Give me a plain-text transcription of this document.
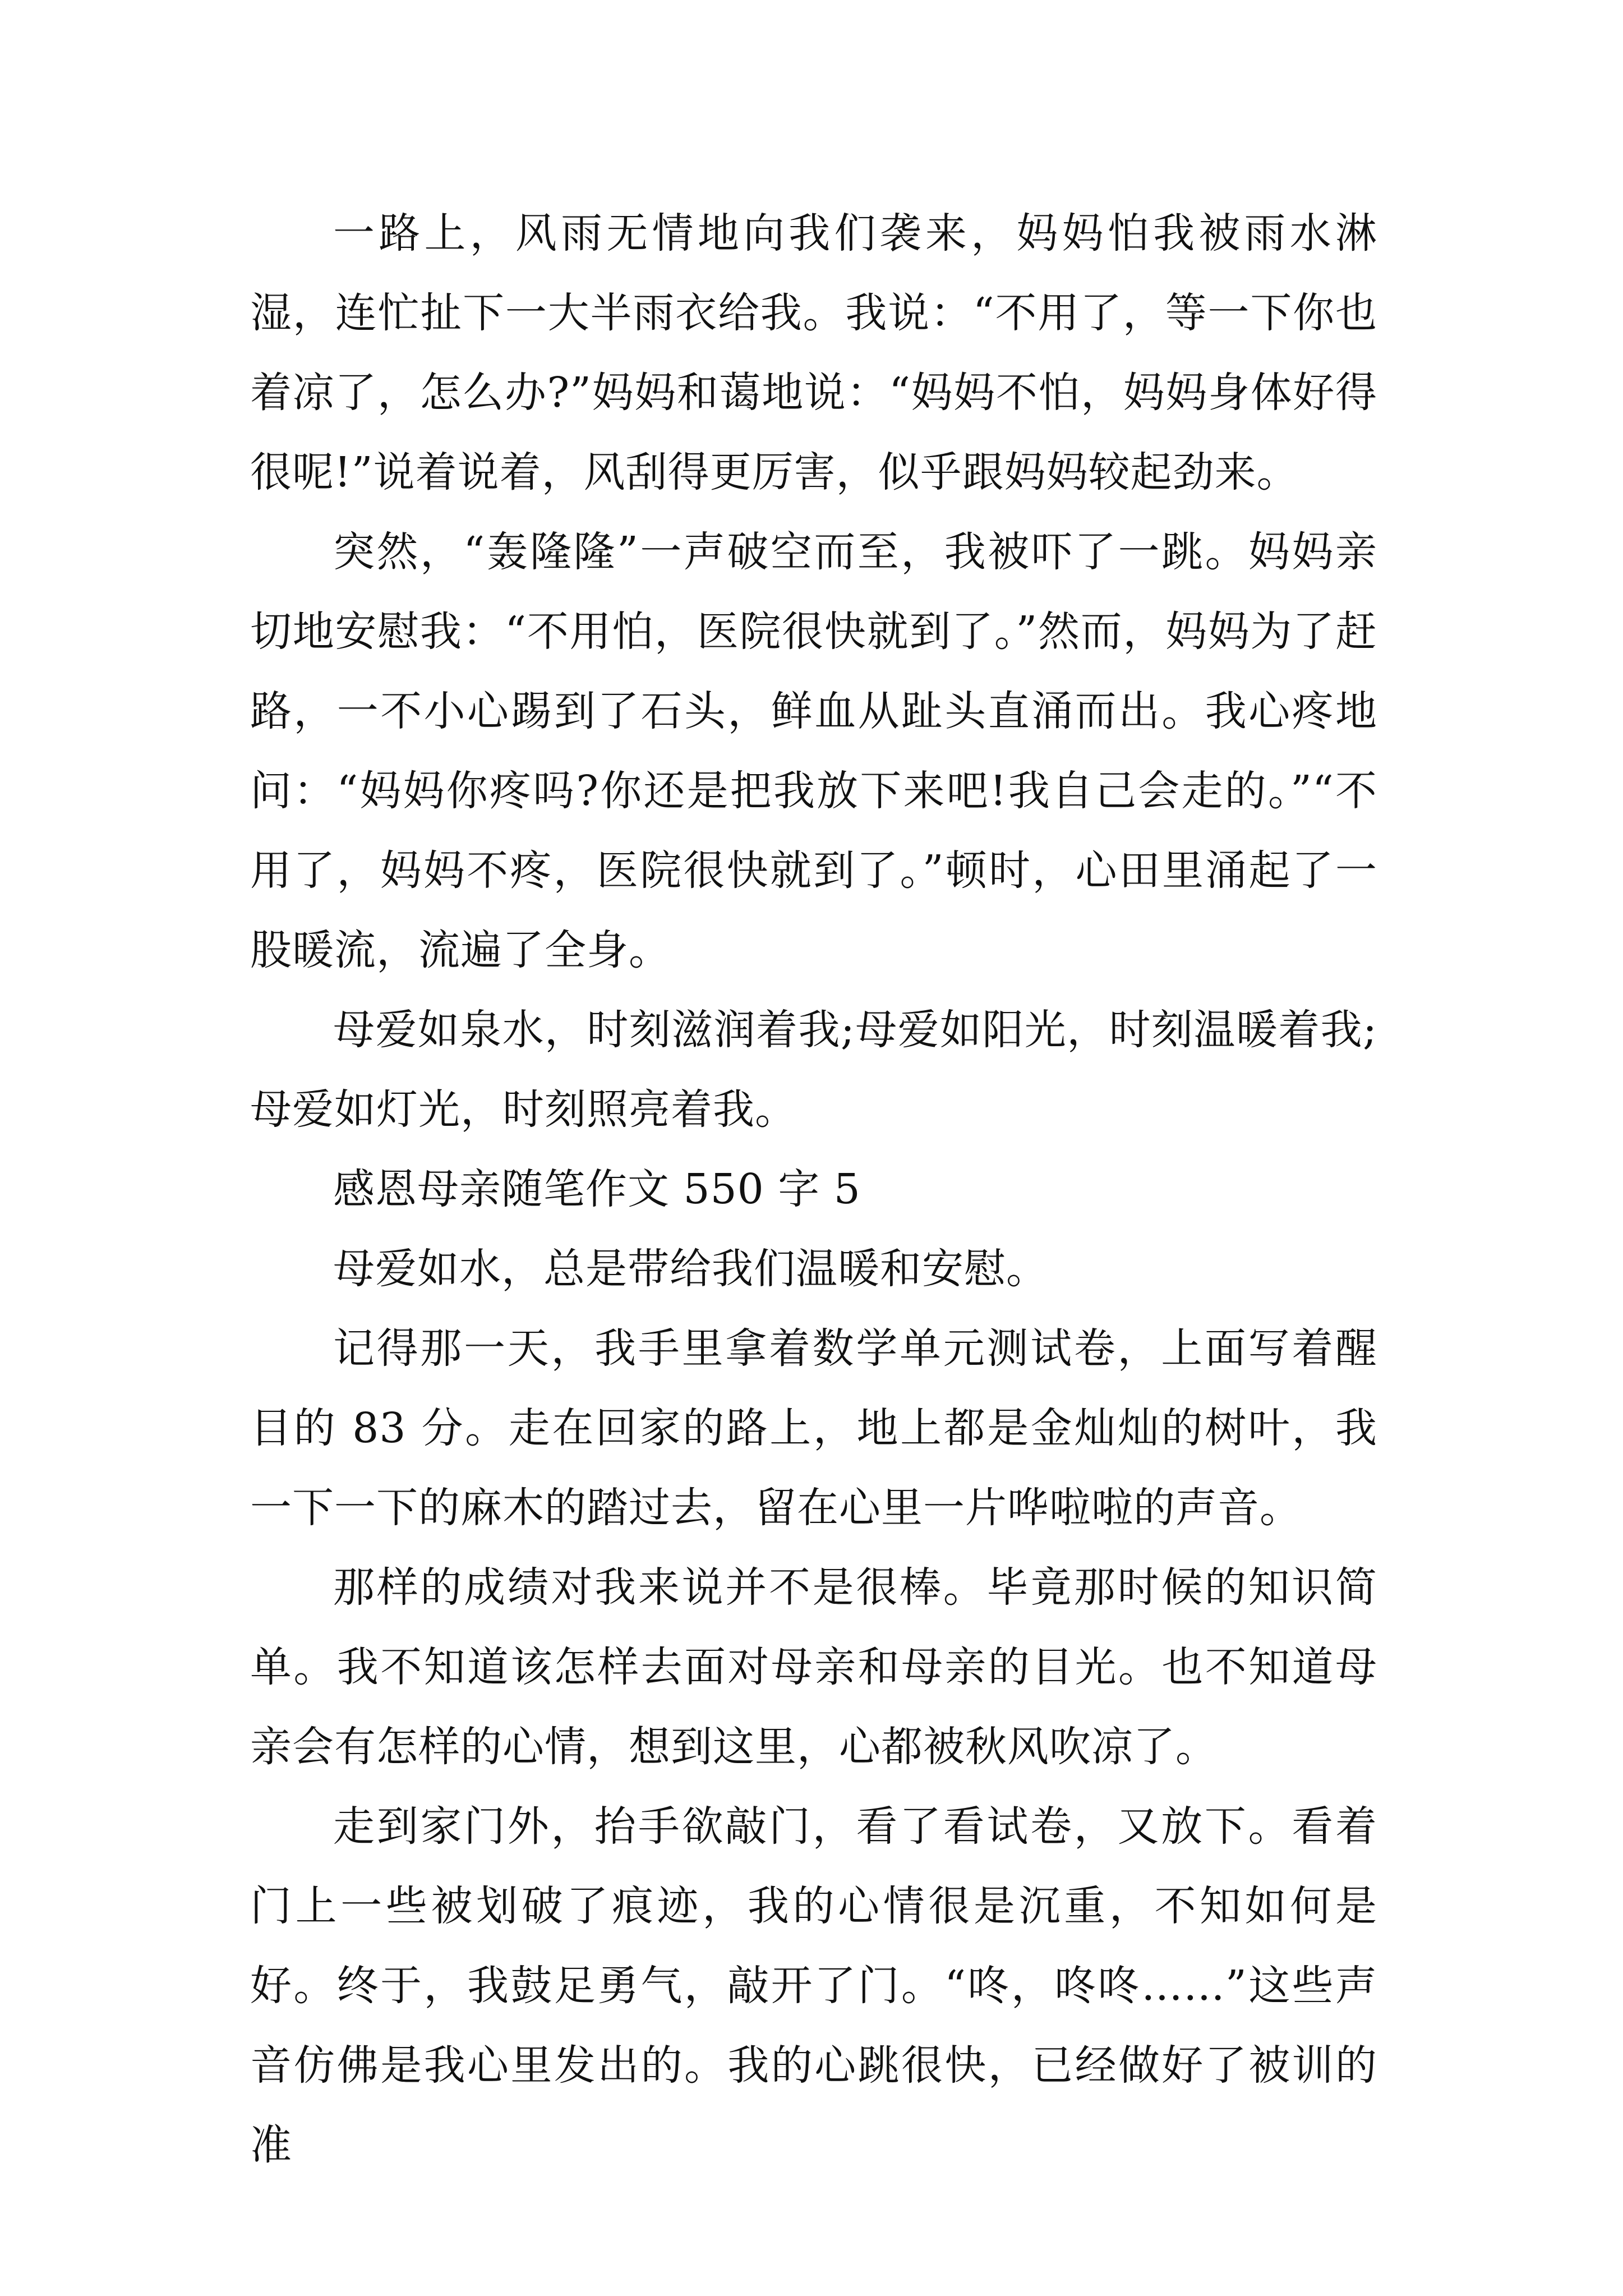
一路上，风雨无情地向我们袭来，妈妈怕我被雨水淋湿，连忙扯下一大半雨衣给我。我说：“不用了，等一下你也着凉了，怎么办?”妈妈和蔼地说：“妈妈不怕，妈妈身体好得很呢!”说着说着，风刮得更厉害，似乎跟妈妈较起劲来。

突然，“轰隆隆”一声破空而至，我被吓了一跳。妈妈亲切地安慰我：“不用怕，医院很快就到了。”然而，妈妈为了赶路，一不小心踢到了石头，鲜血从趾头直涌而出。我心疼地问：“妈妈你疼吗?你还是把我放下来吧!我自己会走的。”“不用了，妈妈不疼，医院很快就到了。”顿时，心田里涌起了一股暖流，流遍了全身。

母爱如泉水，时刻滋润着我;母爱如阳光，时刻温暖着我;母爱如灯光，时刻照亮着我。

感恩母亲随笔作文 550 字 5

母爱如水，总是带给我们温暖和安慰。

记得那一天，我手里拿着数学单元测试卷，上面写着醒目的 83 分。走在回家的路上，地上都是金灿灿的树叶，我一下一下的麻木的踏过去，留在心里一片哗啦啦的声音。

那样的成绩对我来说并不是很棒。毕竟那时候的知识简单。我不知道该怎样去面对母亲和母亲的目光。也不知道母亲会有怎样的心情，想到这里，心都被秋风吹凉了。

走到家门外，抬手欲敲门，看了看试卷，又放下。看着门上一些被划破了痕迹，我的心情很是沉重，不知如何是好。终于，我鼓足勇气，敲开了门。“咚，咚咚……”这些声音仿佛是我心里发出的。我的心跳很快，已经做好了被训的准
